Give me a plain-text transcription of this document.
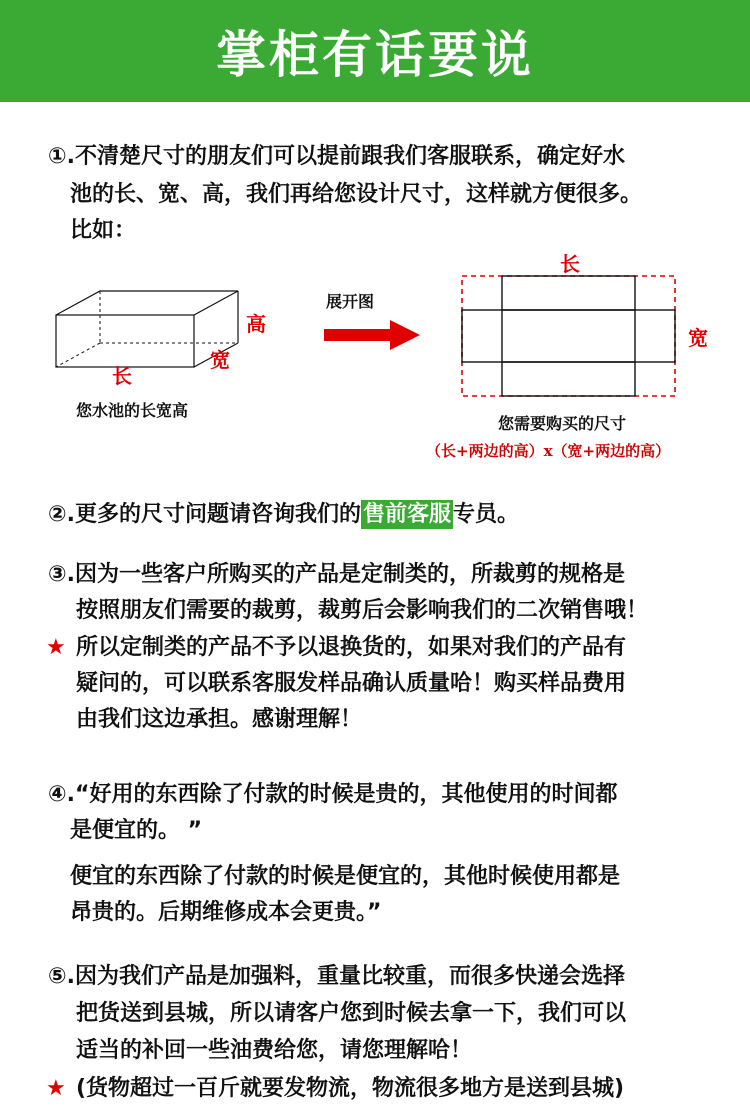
掌柜有话要说
①.不清楚尺寸的朋友们可以提前跟我们客服联系，确定好水
池的长、宽、高，我们再给您设计尺寸，这样就方便很多。
比如：
高
宽
长
您水池的长宽高
展开图
长
宽
您需要购买的尺寸
（长+两边的高）x（宽+两边的高）
②.更多的尺寸问题请咨询我们的售前客服专员。
③.因为一些客户所购买的产品是定制类的，所裁剪的规格是
按照朋友们需要的裁剪，裁剪后会影响我们的二次销售哦！
★ 所以定制类的产品不予以退换货的，如果对我们的产品有
疑问的，可以联系客服发样品确认质量哈！购买样品费用
由我们这边承担。感谢理解！
④.“好用的东西除了付款的时候是贵的，其他使用的时间都
是便宜的。 ”
便宜的东西除了付款的时候是便宜的，其他时候使用都是
昂贵的。后期维修成本会更贵。”
⑤.因为我们产品是加强料，重量比较重，而很多快递会选择
把货送到县城，所以请客户您到时候去拿一下，我们可以
适当的补回一些油费给您，请您理解哈！
★ (货物超过一百斤就要发物流，物流很多地方是送到县城)
